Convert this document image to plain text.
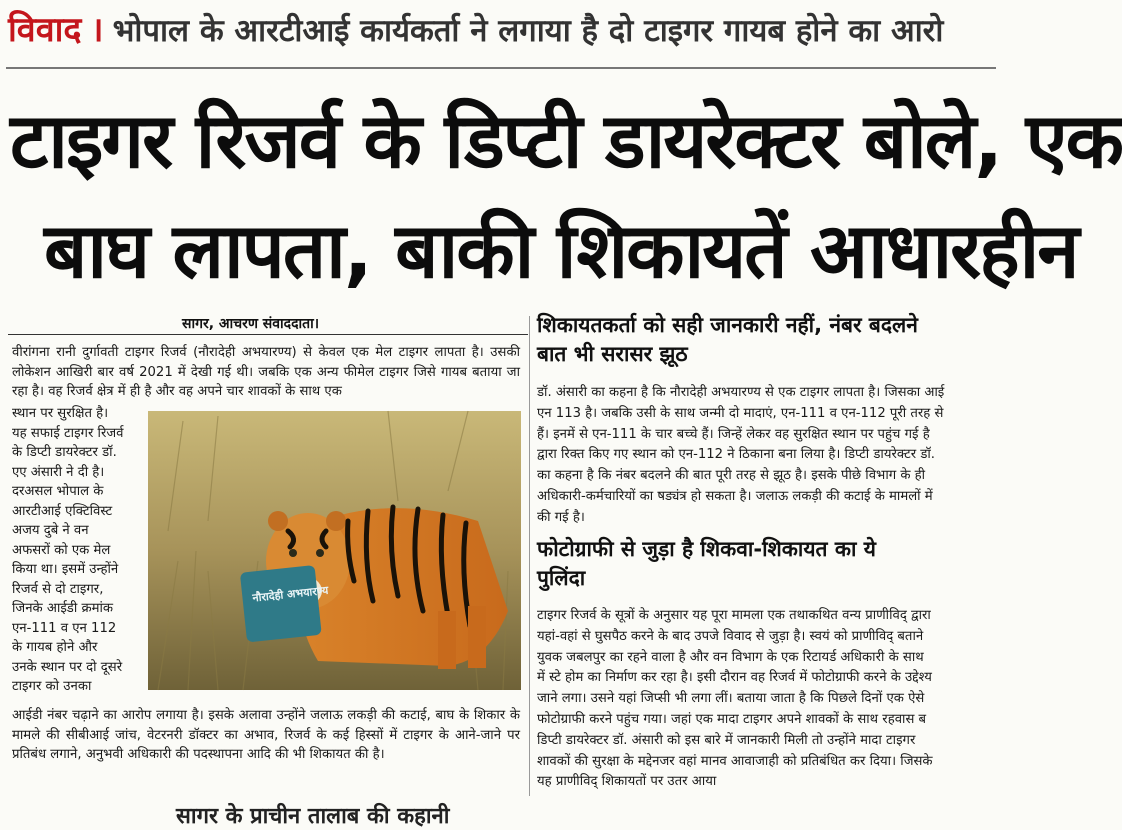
विवाद । भोपाल के आरटीआई कार्यकर्ता ने लगाया है दो टाइगर गायब होने का आरो
टाइगर रिजर्व के डिप्टी डायरेक्टर बोले, एक
बाघ लापता, बाकी शिकायतें आधारहीन
सागर, आचरण संवाददाता।
वीरांगना रानी दुर्गावती टाइगर रिजर्व (नौरादेही अभयारण्य) से केवल एक मेल टाइगर लापता है। उसकी लोकेशन आखिरी बार वर्ष 2021 में देखी गई थी। जबकि एक अन्य फीमेल टाइगर जिसे गायब बताया जा रहा है। वह रिजर्व क्षेत्र में ही है और वह अपने चार शावकों के साथ एक
स्थान पर सुरक्षित है।
यह सफाई टाइगर रिजर्व
के डिप्टी डायरेक्टर डॉ.
एए अंसारी ने दी है।
दरअसल भोपाल के
आरटीआई एक्टिविस्ट
अजय दुबे ने वन
अफसरों को एक मेल
किया था। इसमें उन्होंने
रिजर्व से दो टाइगर,
जिनके आईडी क्रमांक
एन-111 व एन 112
के गायब होने और
उनके स्थान पर दो दूसरे
टाइगर को उनका
आईडी नंबर चढ़ाने का आरोप लगाया है। इसके अलावा उन्होंने जलाऊ लकड़ी की कटाई, बाघ के शिकार के मामले की सीबीआई जांच, वेटरनरी डॉक्टर का अभाव, रिजर्व के कई हिस्सों में टाइगर के आने-जाने पर प्रतिबंध लगाने, अनुभवी अधिकारी की पदस्थापना आदि की भी शिकायत की है।
नौरादेही अभयारण्य
शिकायतकर्ता को सही जानकारी नहीं, नंबर बदलने
बात भी सरासर झूठ
डॉ. अंसारी का कहना है कि नौरादेही अभयारण्य से एक टाइगर लापता है। जिसका आई
एन 113 है। जबकि उसी के साथ जन्मी दो मादाएं, एन-111 व एन-112 पूरी तरह से
हैं। इनमें से एन-111 के चार बच्चे हैं। जिन्हें लेकर वह सुरक्षित स्थान पर पहुंच गई है
द्वारा रिक्त किए गए स्थान को एन-112 ने ठिकाना बना लिया है। डिप्टी डायरेक्टर डॉ.
का कहना है कि नंबर बदलने की बात पूरी तरह से झूठ है। इसके पीछे विभाग के ही
अधिकारी-कर्मचारियों का षड्यंत्र हो सकता है। जलाऊ लकड़ी की कटाई के मामलों में
की गई है।
फोटोग्राफी से जुड़ा है शिकवा-शिकायत का ये
पुलिंदा
टाइगर रिजर्व के सूत्रों के अनुसार यह पूरा मामला एक तथाकथित वन्य प्राणीविद् द्वारा
यहां-वहां से घुसपैठ करने के बाद उपजे विवाद से जुड़ा है। स्वयं को प्राणीविद् बताने
युवक जबलपुर का रहने वाला है और वन विभाग के एक रिटायर्ड अधिकारी के साथ
में स्टे होम का निर्माण कर रहा है। इसी दौरान वह रिजर्व में फोटोग्राफी करने के उद्देश्य
जाने लगा। उसने यहां जिप्सी भी लगा लीं। बताया जाता है कि पिछले दिनों एक ऐसे
फोटोग्राफी करने पहुंच गया। जहां एक मादा टाइगर अपने शावकों के साथ रहवास ब
डिप्टी डायरेक्टर डॉ. अंसारी को इस बारे में जानकारी मिली तो उन्होंने मादा टाइगर
शावकों की सुरक्षा के मद्देनजर वहां मानव आवाजाही को प्रतिबंधित कर दिया। जिसके
यह प्राणीविद् शिकायतों पर उतर आया
सागर के प्राचीन तालाब की कहानी
